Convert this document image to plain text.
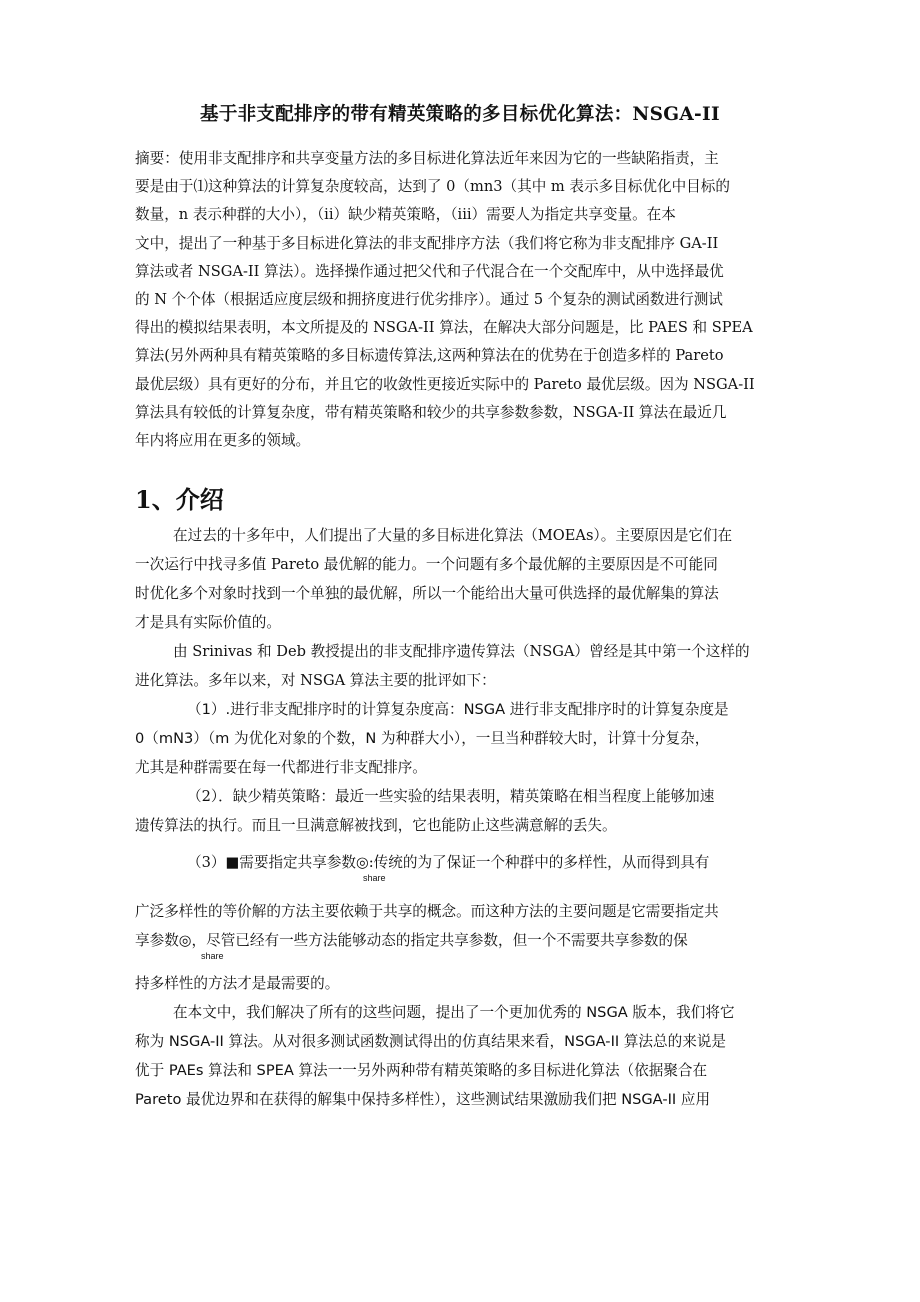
基于非支配排序的带有精英策略的多目标优化算法：NSGA-II
摘要：使用非支配排序和共享变量方法的多目标进化算法近年来因为它的一些缺陷指责，主
要是由于⑴这种算法的计算复杂度较高，达到了 0（mn3（其中 m 表示多目标优化中目标的
数量，n 表示种群的大小），（ii）缺少精英策略，（iii）需要人为指定共享变量。在本
文中，提出了一种基于多目标进化算法的非支配排序方法（我们将它称为非支配排序 GA-II
算法或者 NSGA-II 算法）。选择操作通过把父代和子代混合在一个交配库中，从中选择最优
的 N 个个体（根据适应度层级和拥挤度进行优劣排序）。通过 5 个复杂的测试函数进行测试
得出的模拟结果表明，本文所提及的 NSGA-II 算法，在解决大部分问题是，比 PAES 和 SPEA
算法(另外两种具有精英策略的多目标遗传算法,这两种算法在的优势在于创造多样的 Pareto
最优层级）具有更好的分布，并且它的收敛性更接近实际中的 Pareto 最优层级。因为 NSGA-II
算法具有较低的计算复杂度，带有精英策略和较少的共享参数参数，NSGA-II 算法在最近几
年内将应用在更多的领域。
1、介绍
在过去的十多年中，人们提出了大量的多目标进化算法（MOEAs）。主要原因是它们在
一次运行中找寻多值 Pareto 最优解的能力。一个问题有多个最优解的主要原因是不可能同
时优化多个对象时找到一个单独的最优解，所以一个能给出大量可供选择的最优解集的算法
才是具有实际价值的。
由 Srinivas 和 Deb 教授提出的非支配排序遗传算法（NSGA）曾经是其中第一个这样的
进化算法。多年以来，对 NSGA 算法主要的批评如下：
（1）.进行非支配排序时的计算复杂度高：NSGA 进行非支配排序时的计算复杂度是
0（mN3）（m 为优化对象的个数，N 为种群大小），一旦当种群较大时，计算十分复杂，
尤其是种群需要在每一代都进行非支配排序。
（2）．缺少精英策略：最近一些实验的结果表明，精英策略在相当程度上能够加速
遗传算法的执行。而且一旦满意解被找到，它也能防止这些满意解的丢失。
（3）■需要指定共享参数◎:传统的为了保证一个种群中的多样性，从而得到具有
share
广泛多样性的等价解的方法主要依赖于共享的概念。而这种方法的主要问题是它需要指定共
享参数◎，尽管已经有一些方法能够动态的指定共享参数，但一个不需要共享参数的保
share
持多样性的方法才是最需要的。
在本文中，我们解决了所有的这些问题，提出了一个更加优秀的 NSGA 版本，我们将它
称为 NSGA-II 算法。从对很多测试函数测试得出的仿真结果来看，NSGA-II 算法总的来说是
优于 PAEs 算法和 SPEA 算法一一另外两种带有精英策略的多目标进化算法（依据聚合在
Pareto 最优边界和在获得的解集中保持多样性），这些测试结果激励我们把 NSGA-II 应用
